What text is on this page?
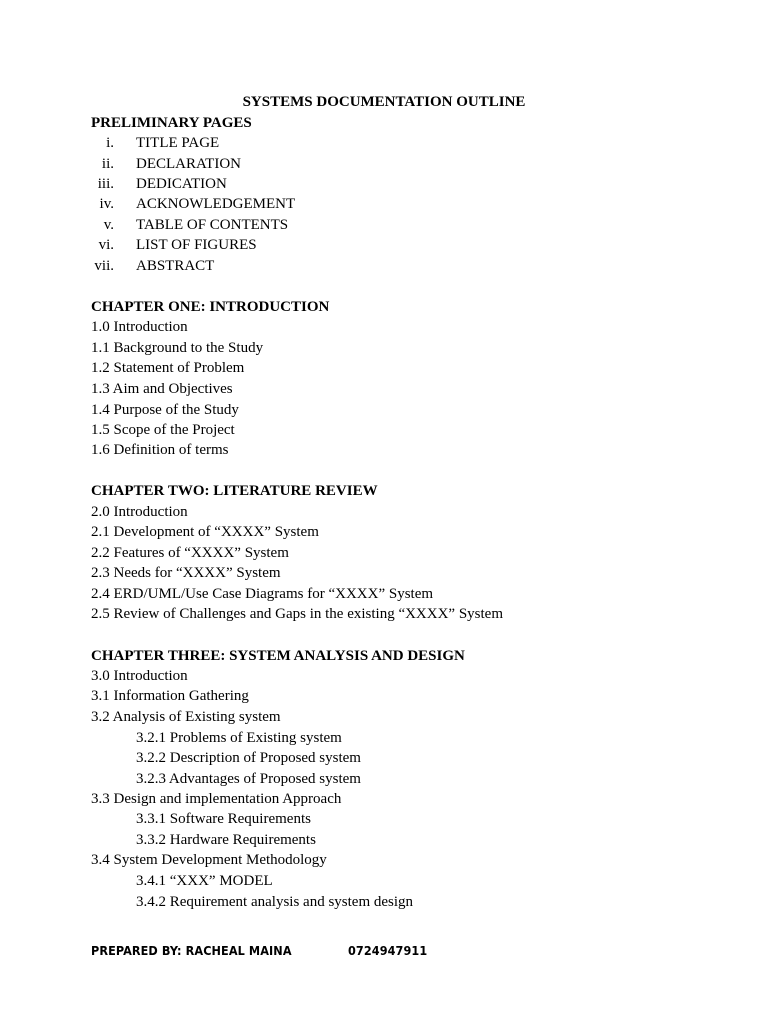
SYSTEMS DOCUMENTATION OUTLINE
PRELIMINARY PAGES
i. TITLE PAGE
ii. DECLARATION
iii. DEDICATION
iv. ACKNOWLEDGEMENT
v. TABLE OF CONTENTS
vi. LIST OF FIGURES
vii. ABSTRACT
CHAPTER ONE: INTRODUCTION
1.0 Introduction
1.1 Background to the Study
1.2 Statement of Problem
1.3 Aim and Objectives
1.4 Purpose of the Study
1.5 Scope of the Project
1.6 Definition of terms
CHAPTER TWO: LITERATURE REVIEW
2.0 Introduction
2.1 Development of “XXXX” System
2.2 Features of “XXXX” System
2.3 Needs for “XXXX” System
2.4 ERD/UML/Use Case Diagrams for “XXXX” System
2.5 Review of Challenges and Gaps in the existing “XXXX” System
CHAPTER THREE: SYSTEM ANALYSIS AND DESIGN
3.0 Introduction
3.1 Information Gathering
3.2 Analysis of Existing system
3.2.1 Problems of Existing system
3.2.2 Description of Proposed system
3.2.3 Advantages of Proposed system
3.3 Design and implementation Approach
3.3.1 Software Requirements
3.3.2 Hardware Requirements
3.4 System Development Methodology
3.4.1 “XXX” MODEL
3.4.2 Requirement analysis and system design
PREPARED BY: RACHEAL MAINA	0724947911
